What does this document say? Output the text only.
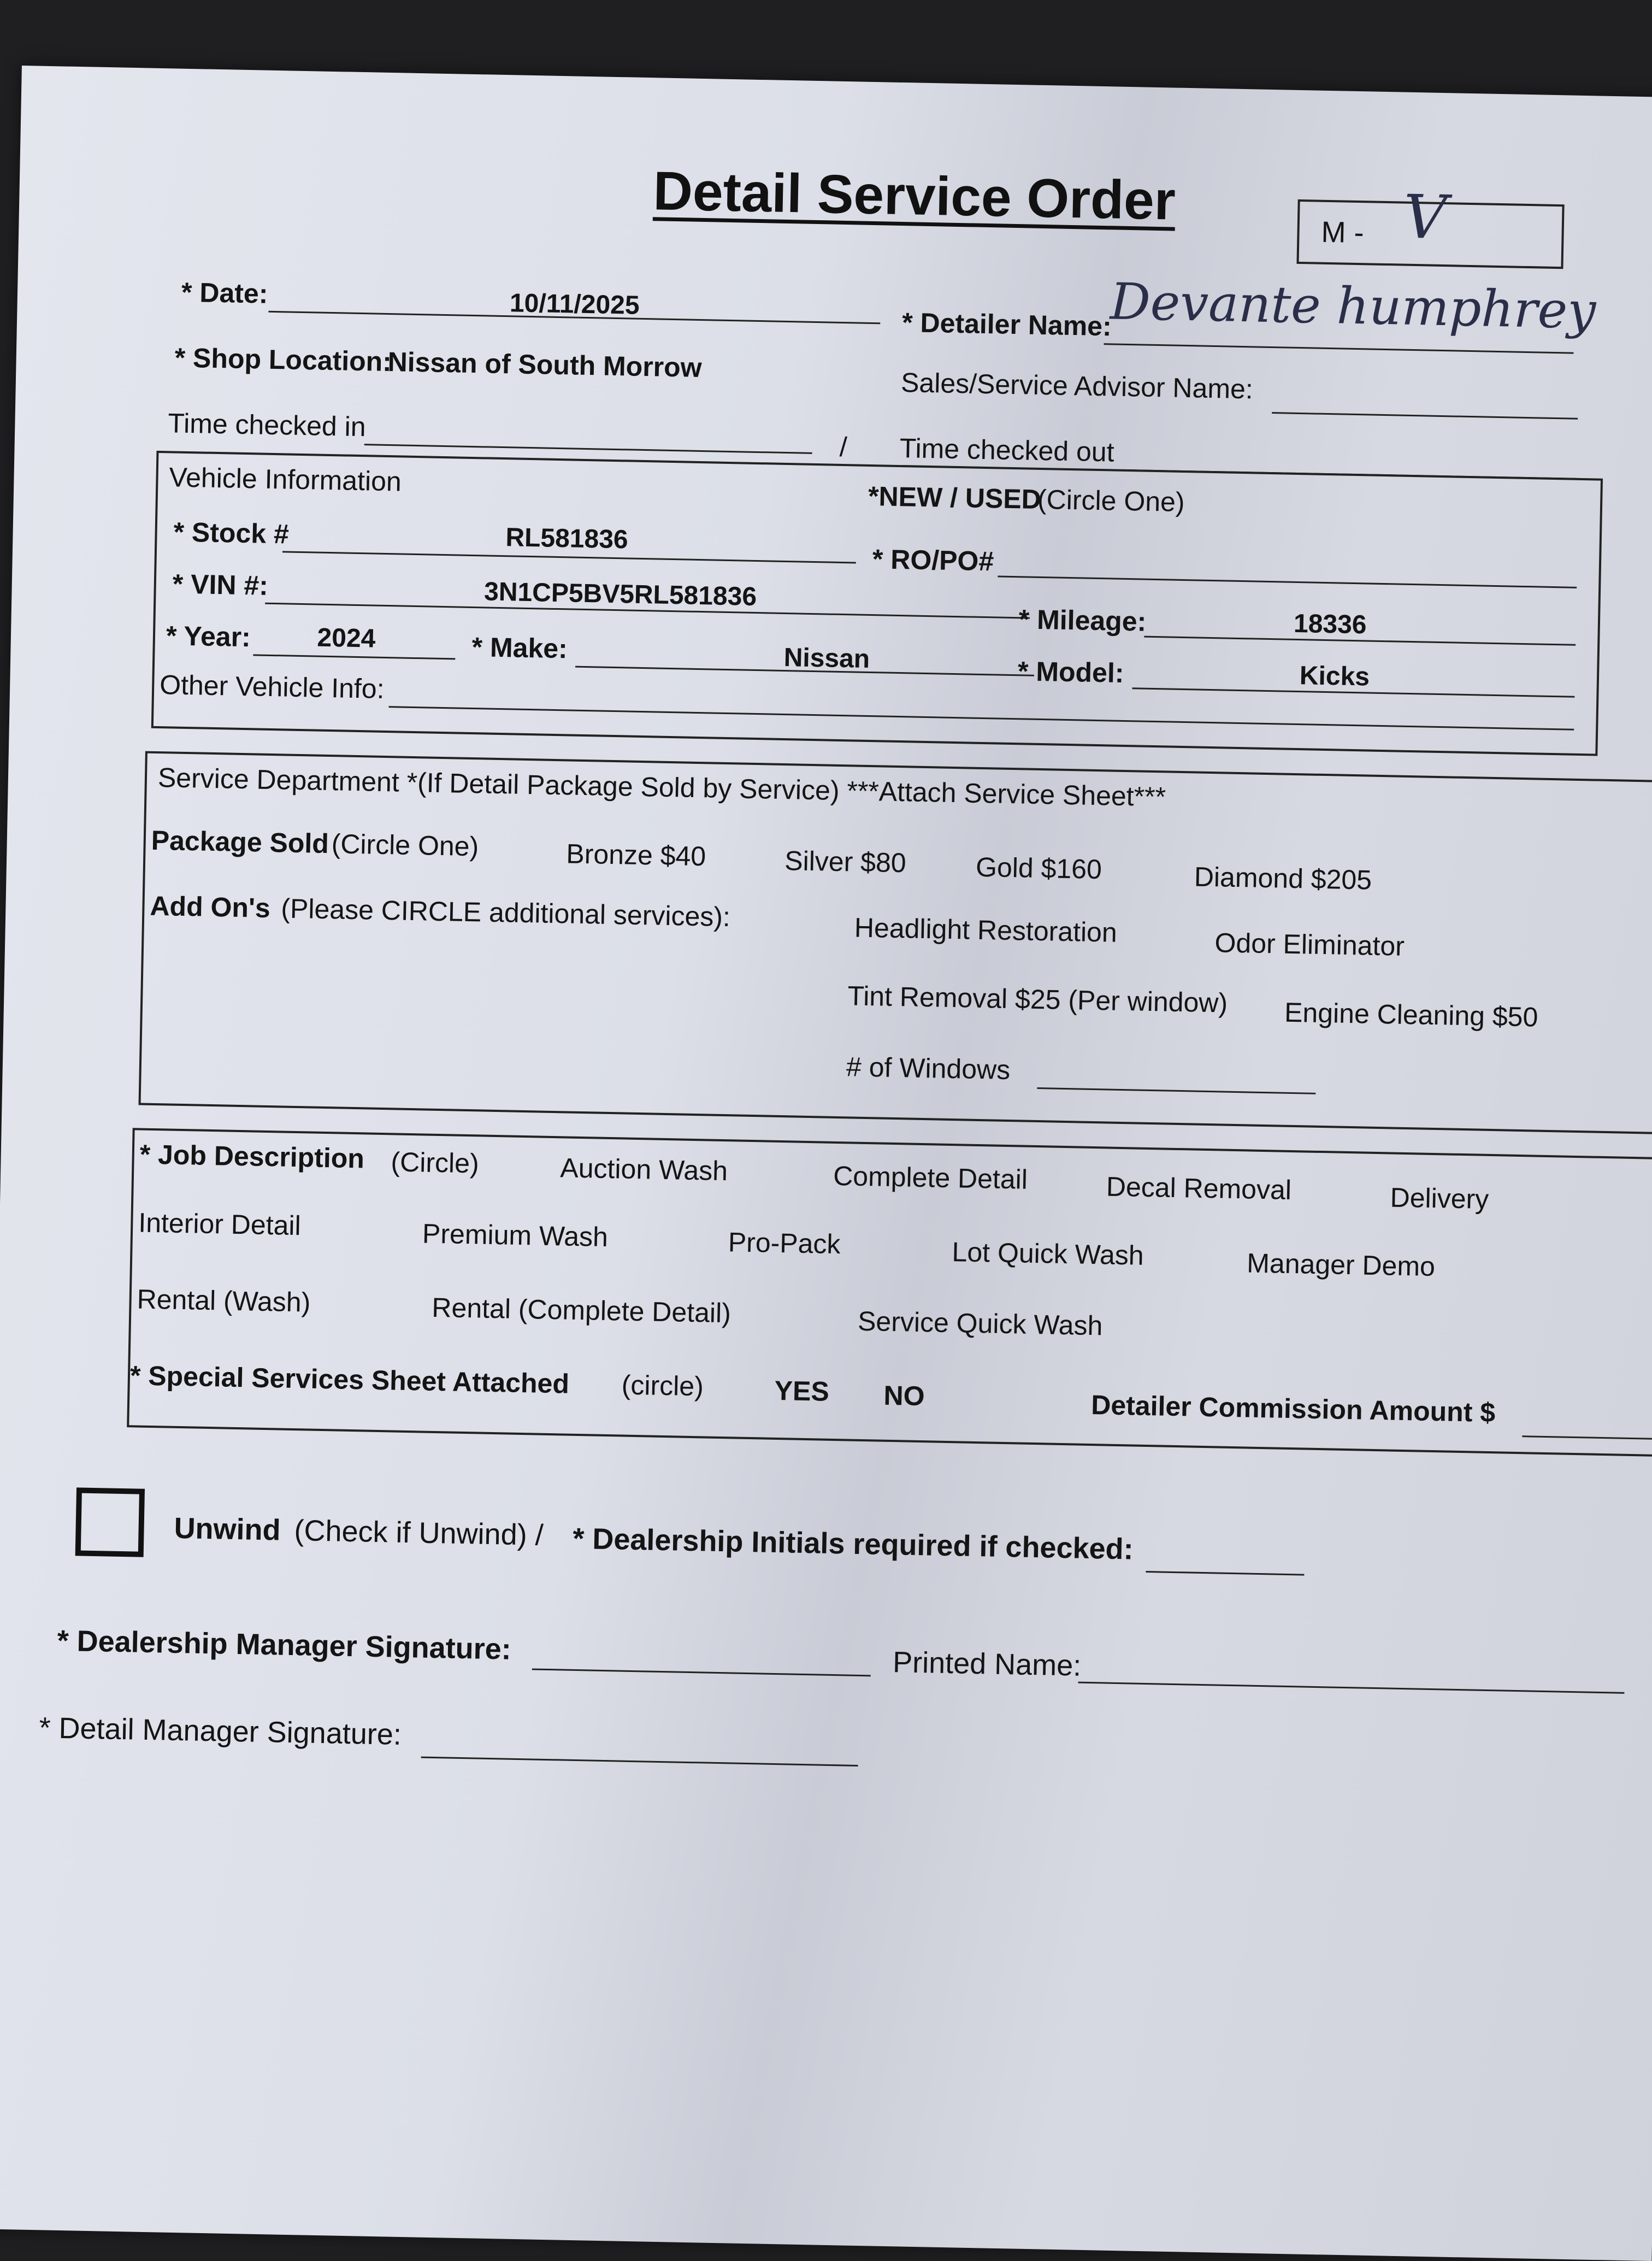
Detail Service Order
M - V
* Date:	10/11/2025
* Detailer Name:
Devante humphrey
* Shop Location:
Nissan of South Morrow
Sales/Service Advisor Name:
Time checked in
/ Time checked out
Vehicle Information
*NEW / USED
(Circle One)
* Stock #	RL581836
* RO/PO#
* VIN #:	3N1CP5BV5RL581836
* Mileage:	18336
* Year:	2024	* Make:	Nissan	* Model:	Kicks
Other Vehicle Info:
Service Department *(If Detail Package Sold by Service) ***Attach Service Sheet***
Package Sold (Circle One)	Bronze $40	Silver $80	Gold $160	Diamond $205
Add On's (Please CIRCLE additional services):	Headlight Restoration	Odor Eliminator
Tint Removal $25 (Per window) Engine Cleaning $50
# of Windows
* Job Description (Circle)	Auction Wash	Complete Detail	Decal Removal	Delivery
Interior Detail	Premium Wash	Pro-Pack	Lot Quick Wash	Manager Demo
Rental (Wash)	Rental (Complete Detail)	Service Quick Wash
* Special Services Sheet Attached (circle)	YES NO	Detailer Commission Amount $
Unwind (Check if Unwind) / * Dealership Initials required if checked:
* Dealership Manager Signature:	Printed Name:
* Detail Manager Signature:
